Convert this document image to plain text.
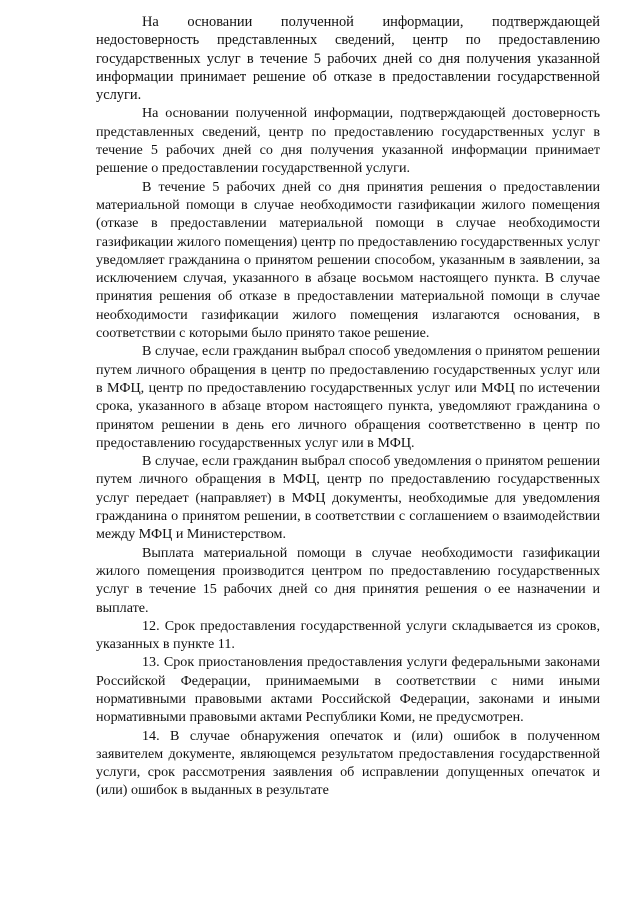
На основании полученной информации, подтверждающей недостоверность представленных сведений, центр по предоставлению государственных услуг в течение 5 рабочих дней со дня получения указанной информации принимает решение об отказе в предоставлении государственной услуги.

На основании полученной информации, подтверждающей достоверность представленных сведений, центр по предоставлению государственных услуг в течение 5 рабочих дней со дня получения указанной информации принимает решение о предоставлении государственной услуги.

В течение 5 рабочих дней со дня принятия решения о предоставлении материальной помощи в случае необходимости газификации жилого помещения (отказе в предоставлении материальной помощи в случае необходимости газификации жилого помещения) центр по предоставлению государственных услуг уведомляет гражданина о принятом решении способом, указанным в заявлении, за исключением случая, указанного в абзаце восьмом настоящего пункта. В случае принятия решения об отказе в предоставлении материальной помощи в случае необходимости газификации жилого помещения излагаются основания, в соответствии с которыми было принято такое решение.

В случае, если гражданин выбрал способ уведомления о принятом решении путем личного обращения в центр по предоставлению государственных услуг или в МФЦ, центр по предоставлению государственных услуг или МФЦ по истечении срока, указанного в абзаце втором настоящего пункта, уведомляют гражданина о принятом решении в день его личного обращения соответственно в центр по предоставлению государственных услуг или в МФЦ.

В случае, если гражданин выбрал способ уведомления о принятом решении путем личного обращения в МФЦ, центр по предоставлению государственных услуг передает (направляет) в МФЦ документы, необходимые для уведомления гражданина о принятом решении, в соответствии с соглашением о взаимодействии между МФЦ и Министерством.

Выплата материальной помощи в случае необходимости газификации жилого помещения производится центром по предоставлению государственных услуг в течение 15 рабочих дней со дня принятия решения о ее назначении и выплате.

12. Срок предоставления государственной услуги складывается из сроков, указанных в пункте 11.

13. Срок приостановления предоставления услуги федеральными законами Российской Федерации, принимаемыми в соответствии с ними иными нормативными правовыми актами Российской Федерации, законами и иными нормативными правовыми актами Республики Коми, не предусмотрен.

14. В случае обнаружения опечаток и (или) ошибок в полученном заявителем документе, являющемся результатом предоставления государственной услуги, срок рассмотрения заявления об исправлении допущенных опечаток и (или) ошибок в выданных в результате
